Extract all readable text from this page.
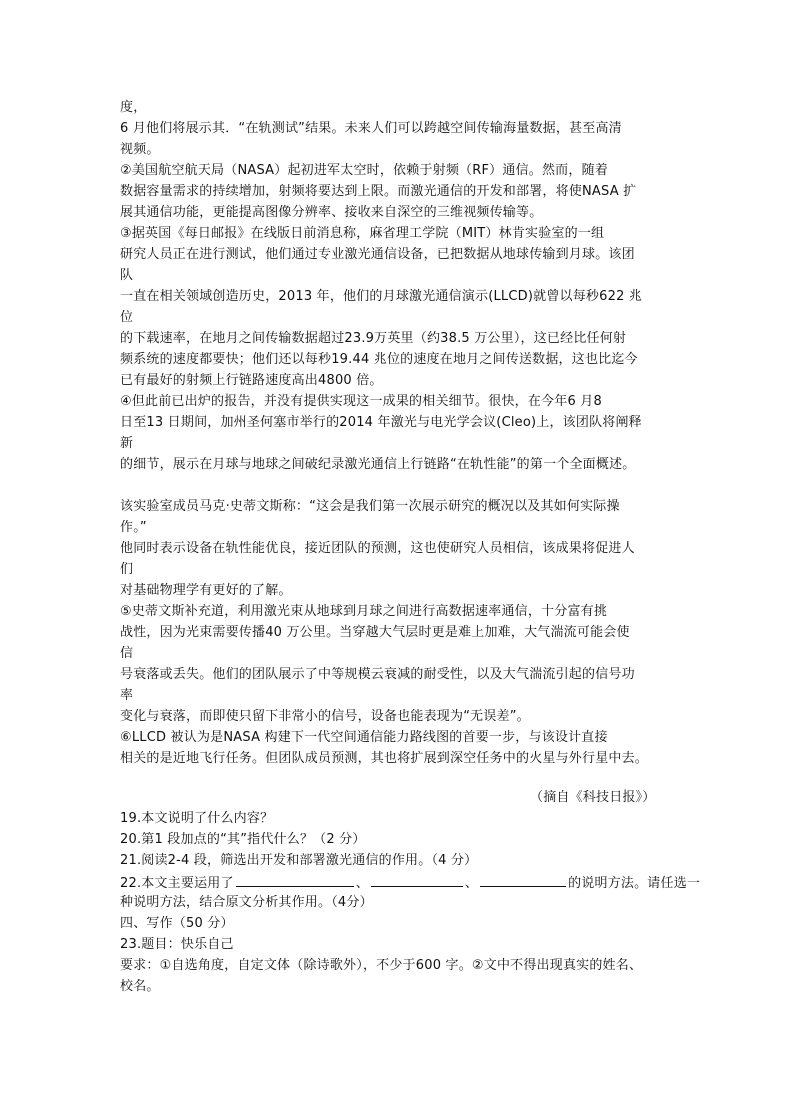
度，
6 月他们将展示其．“在轨测试”结果。未来人们可以跨越空间传输海量数据，甚至高清
视频。
②美国航空航天局（NASA）起初进军太空时，依赖于射频（RF）通信。然而，随着
数据容量需求的持续增加，射频将要达到上限。而激光通信的开发和部署，将使NASA 扩
展其通信功能，更能提高图像分辨率、接收来自深空的三维视频传输等。
③据英国《每日邮报》在线版日前消息称，麻省理工学院（MIT）林肯实验室的一组
研究人员正在进行测试，他们通过专业激光通信设备，已把数据从地球传输到月球。该团
队
一直在相关领域创造历史，2013 年，他们的月球激光通信演示(LLCD)就曾以每秒622 兆
位
的下载速率，在地月之间传输数据超过23.9万英里（约38.5 万公里），这已经比任何射
频系统的速度都要快；他们还以每秒19.44 兆位的速度在地月之间传送数据，这也比迄今
已有最好的射频上行链路速度高出4800 倍。
④但此前已出炉的报告，并没有提供实现这一成果的相关细节。很快，在今年6 月8
日至13 日期间，加州圣何塞市举行的2014 年激光与电光学会议(Cleo)上，该团队将阐释
新
的细节，展示在月球与地球之间破纪录激光通信上行链路“在轨性能”的第一个全面概述。
该实验室成员马克·史蒂文斯称：“这会是我们第一次展示研究的概况以及其如何实际操
作。”
他同时表示设备在轨性能优良，接近团队的预测，这也使研究人员相信，该成果将促进人
们
对基础物理学有更好的了解。
⑤史蒂文斯补充道，利用激光束从地球到月球之间进行高数据速率通信，十分富有挑
战性，因为光束需要传播40 万公里。当穿越大气层时更是难上加难，大气湍流可能会使
信
号衰落或丢失。他们的团队展示了中等规模云衰减的耐受性，以及大气湍流引起的信号功
率
变化与衰落，而即使只留下非常小的信号，设备也能表现为“无误差”。
⑥LLCD 被认为是NASA 构建下一代空间通信能力路线图的首要一步，与该设计直接
相关的是近地飞行任务。但团队成员预测，其也将扩展到深空任务中的火星与外行星中去。
（摘自《科技日报》）
19.本文说明了什么内容？
20.第1 段加点的“其”指代什么？（2 分）
21.阅读2-4 段，筛选出开发和部署激光通信的作用。（4 分）
22.本文主要运用了	、	、	的说明方法。请任选一
种说明方法，结合原文分析其作用。（4分）
四、写作（50 分）
23.题目：快乐自己
要求：①自选角度，自定文体（除诗歌外），不少于600 字。②文中不得出现真实的姓名、
校名。
